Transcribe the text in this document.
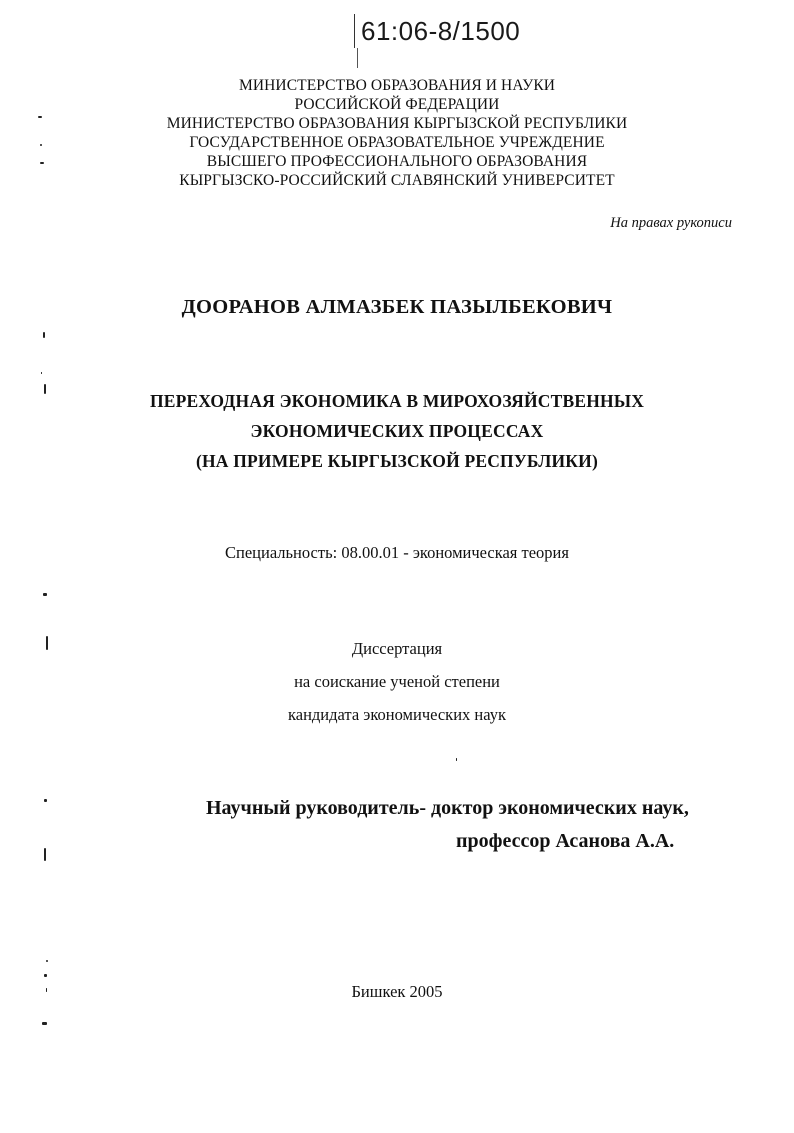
61:06-8/1500
МИНИСТЕРСТВО ОБРАЗОВАНИЯ И НАУКИ
РОССИЙСКОЙ ФЕДЕРАЦИИ
МИНИСТЕРСТВО ОБРАЗОВАНИЯ КЫРГЫЗСКОЙ РЕСПУБЛИКИ
ГОСУДАРСТВЕННОЕ ОБРАЗОВАТЕЛЬНОЕ УЧРЕЖДЕНИЕ
ВЫСШЕГО ПРОФЕССИОНАЛЬНОГО ОБРАЗОВАНИЯ
КЫРГЫЗСКО-РОССИЙСКИЙ СЛАВЯНСКИЙ УНИВЕРСИТЕТ
На правах рукописи
ДООРАНОВ АЛМАЗБЕК ПАЗЫЛБЕКОВИЧ
ПЕРЕХОДНАЯ ЭКОНОМИКА В МИРОХОЗЯЙСТВЕННЫХ
ЭКОНОМИЧЕСКИХ ПРОЦЕССАХ
(НА ПРИМЕРЕ КЫРГЫЗСКОЙ РЕСПУБЛИКИ)
Специальность: 08.00.01 - экономическая теория
Диссертация
на соискание ученой степени
кандидата экономических наук
Научный руководитель- доктор экономических наук,
профессор Асанова А.А.
Бишкек 2005
